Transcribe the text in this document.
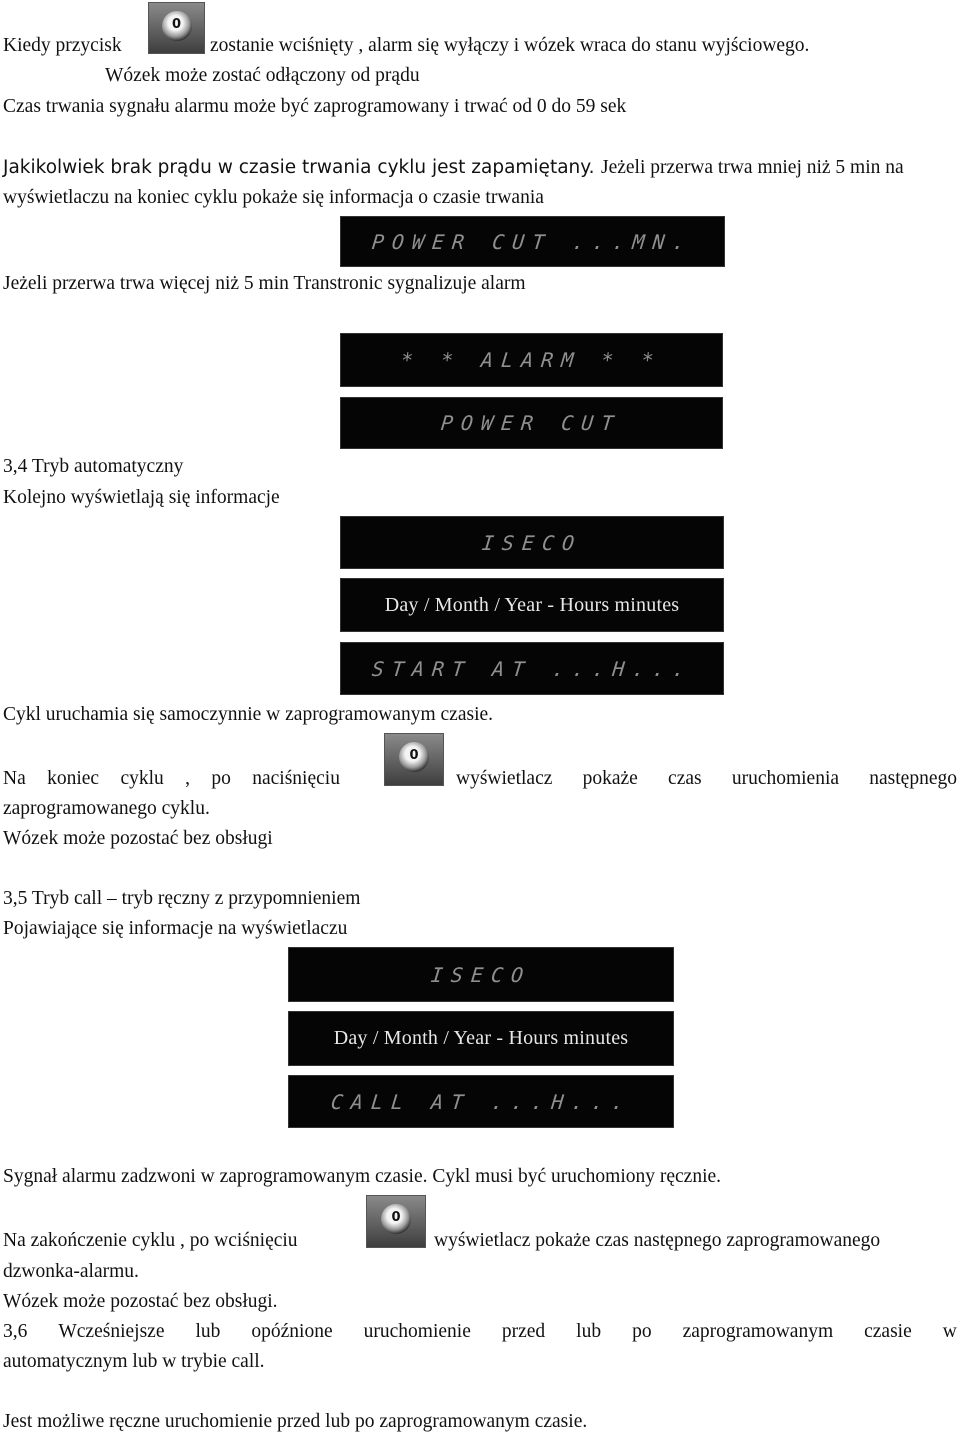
Kiedy przycisk
0
zostanie wciśnięty , alarm się wyłączy i wózek wraca do stanu wyjściowego.
Wózek może zostać odłączony od prądu
Czas trwania sygnału alarmu może być zaprogramowany i trwać od 0 do 59 sek
Jakikolwiek brak prądu w czasie trwania cyklu jest zapamiętany. Jeżeli przerwa trwa mniej niż 5 min na
wyświetlaczu na koniec cyklu pokaże się informacja o czasie trwania
POWER CUT ...MN.
Jeżeli przerwa trwa więcej niż 5 min Transtronic sygnalizuje alarm
* * ALARM * *
POWER CUT
3,4 Tryb automatyczny
Kolejno wyświetlają się informacje
ISECO
Day / Month / Year - Hours minutes
START AT ...H...
Cykl uruchamia się samoczynnie w zaprogramowanym czasie.
Na koniec cyklu , po naciśnięciu
0
wyświetlacz pokaże czas uruchomienia następnego
zaprogramowanego cyklu.
Wózek może pozostać bez obsługi
3,5 Tryb call – tryb ręczny z przypomnieniem
Pojawiające się informacje na wyświetlaczu
ISECO
Day / Month / Year - Hours minutes
CALL AT ...H...
Sygnał alarmu zadzwoni w zaprogramowanym czasie. Cykl musi być uruchomiony ręcznie.
Na zakończenie cyklu , po wciśnięciu
0
wyświetlacz pokaże czas następnego zaprogramowanego
dzwonka-alarmu.
Wózek może pozostać bez obsługi.
3,6 Wcześniejsze lub opóźnione uruchomienie przed lub po zaprogramowanym czasie w
automatycznym lub w trybie call.
Jest możliwe ręczne uruchomienie przed lub po zaprogramowanym czasie.
